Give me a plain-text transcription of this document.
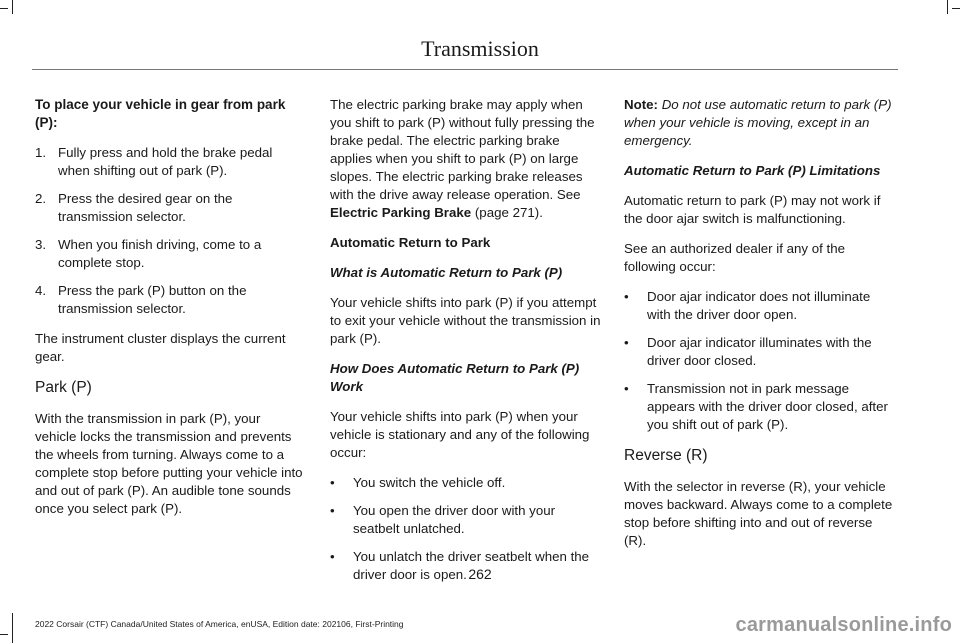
Transmission
To place your vehicle in gear from park (P):
1. Fully press and hold the brake pedal when shifting out of park (P).
2. Press the desired gear on the transmission selector.
3. When you finish driving, come to a complete stop.
4. Press the park (P) button on the transmission selector.

The instrument cluster displays the current gear.

Park (P)

With the transmission in park (P), your vehicle locks the transmission and prevents the wheels from turning. Always come to a complete stop before putting your vehicle into and out of park (P). An audible tone sounds once you select park (P).

The electric parking brake may apply when you shift to park (P) without fully pressing the brake pedal. The electric parking brake applies when you shift to park (P) on large slopes. The electric parking brake releases with the drive away release operation. See Electric Parking Brake (page 271).

Automatic Return to Park
What is Automatic Return to Park (P)

Your vehicle shifts into park (P) if you attempt to exit your vehicle without the transmission in park (P).

How Does Automatic Return to Park (P) Work

Your vehicle shifts into park (P) when your vehicle is stationary and any of the following occur:

• You switch the vehicle off.
• You open the driver door with your seatbelt unlatched.
• You unlatch the driver seatbelt when the driver door is open.

Note: Do not use automatic return to park (P) when your vehicle is moving, except in an emergency.

Automatic Return to Park (P) Limitations

Automatic return to park (P) may not work if the door ajar switch is malfunctioning.

See an authorized dealer if any of the following occur:

• Door ajar indicator does not illuminate with the driver door open.
• Door ajar indicator illuminates with the driver door closed.
• Transmission not in park message appears with the driver door closed, after you shift out of park (P).
Reverse (R)

With the selector in reverse (R), your vehicle moves backward. Always come to a complete stop before shifting into and out of reverse (R).

262
2022 Corsair (CTF) Canada/United States of America, enUSA, Edition date: 202106, First-Printing	carmanualsonline.info
